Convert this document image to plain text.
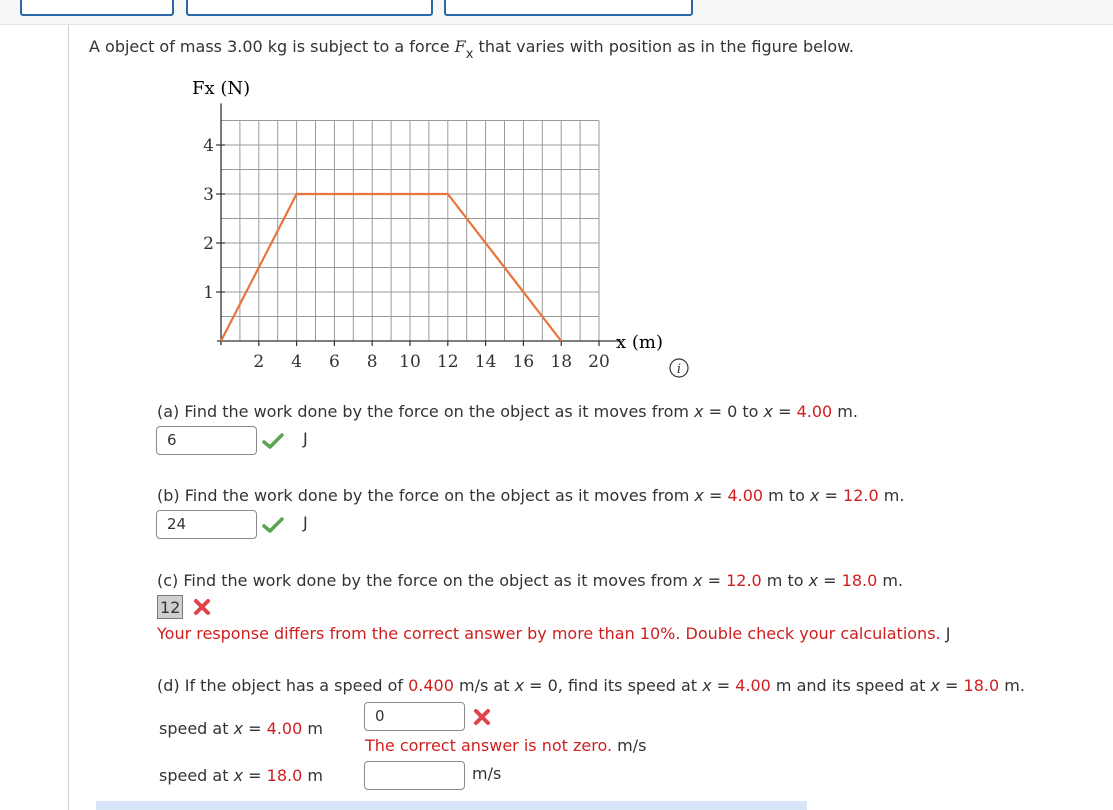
A object of mass 3.00 kg is subject to a force $F_x$ that varies with position as in the figure below.
2 4 6 8 10 12 14 16 18 20
1
2
3
4
Fx (N)
x (m)
i
(a) Find the work done by the force on the object as it moves from x = 0 to x = 4.00 m.
6	J
(b) Find the work done by the force on the object as it moves from x = 4.00 m to x = 12.0 m.
24	J
(c) Find the work done by the force on the object as it moves from x = 12.0 m to x = 18.0 m.
12
Your response differs from the correct answer by more than 10%. Double check your calculations. J
(d) If the object has a speed of 0.400 m/s at x = 0, find its speed at x = 4.00 m and its speed at x = 18.0 m.
speed at x = 4.00 m
0
The correct answer is not zero. m/s
speed at x = 18.0 m	m/s
